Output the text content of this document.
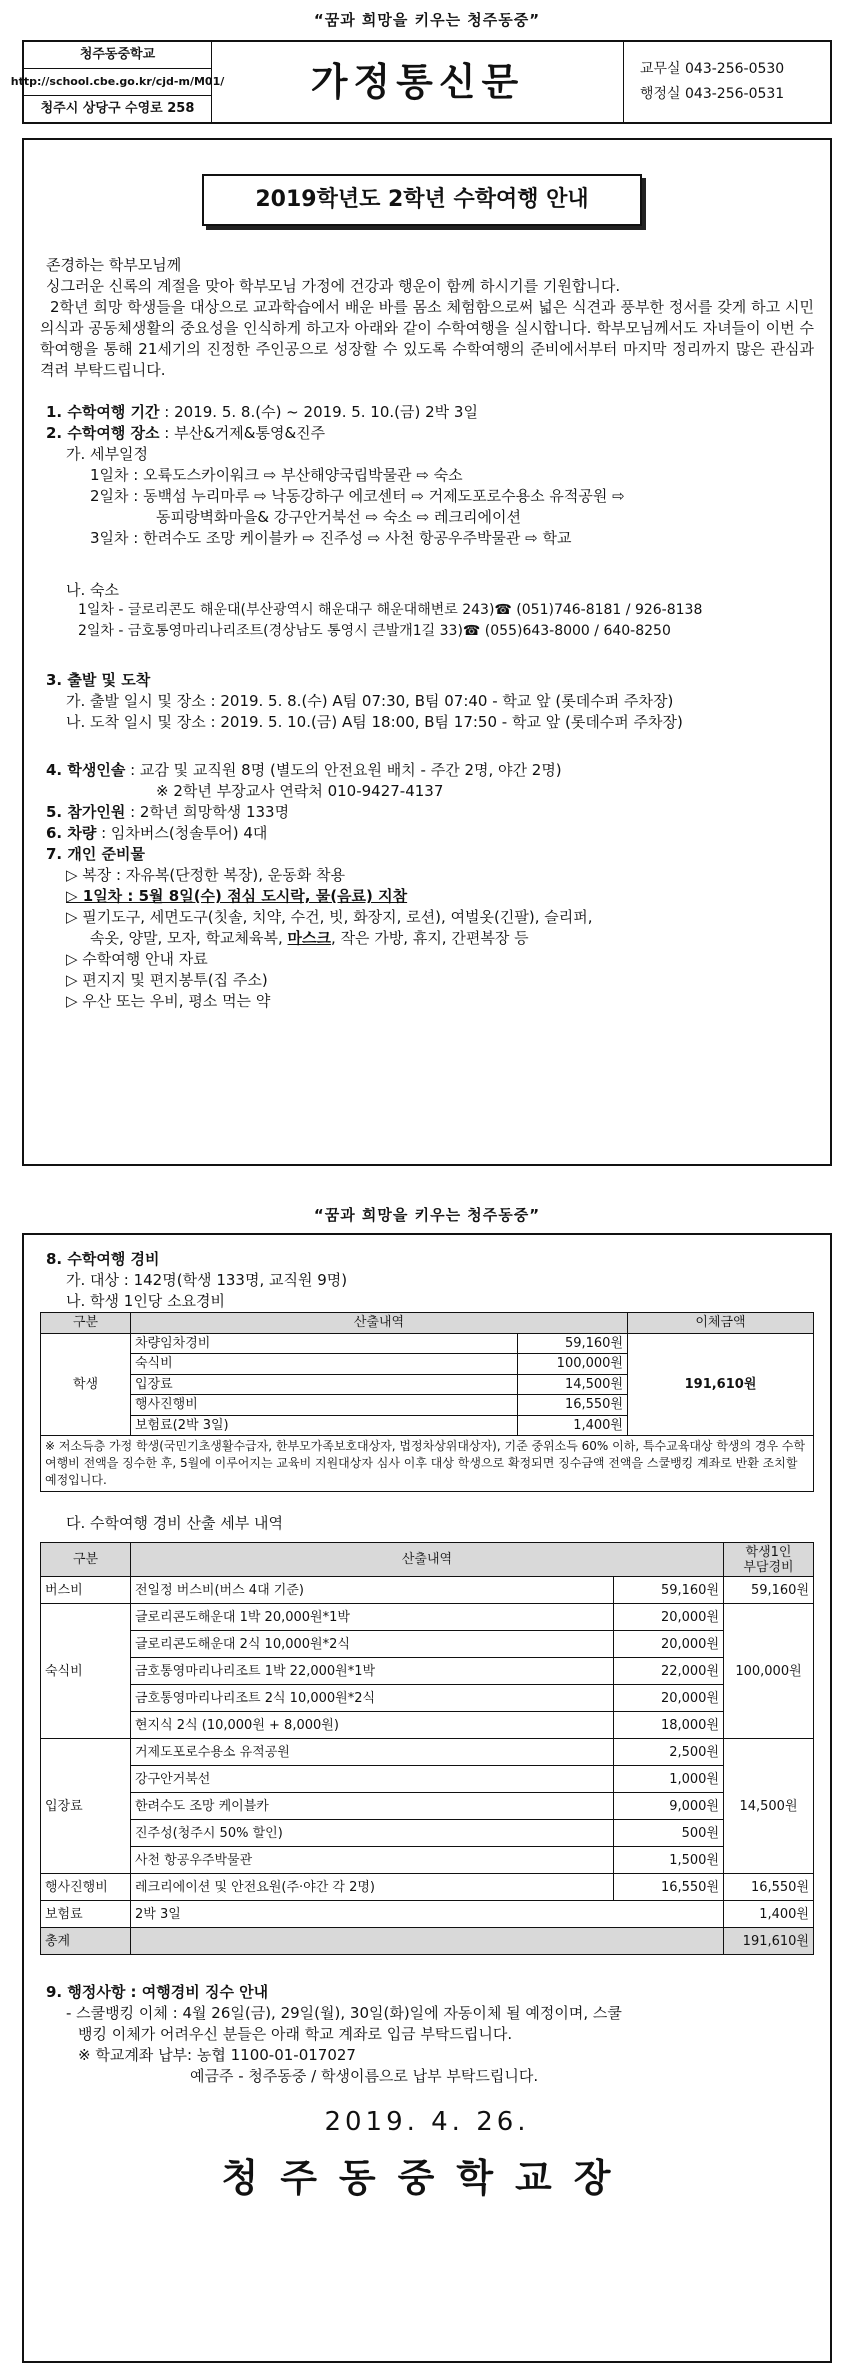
“꿈과 희망을 키우는 청주동중”
청주동중학교
http://school.cbe.go.kr/cjd-m/M01/
청주시 상당구 수영로 258
가정통신문	교무실 043-256-0530
행정실 043-256-0531
2019학년도 2학년 수학여행 안내
존경하는 학부모님께
싱그러운 신록의 계절을 맞아 학부모님 가정에 건강과 행운이 함께 하시기를 기원합니다.
2학년 희망 학생들을 대상으로 교과학습에서 배운 바를 몸소 체험함으로써 넓은 식견과 풍부한 정서를 갖게 하고 시민의식과 공동체생활의 중요성을 인식하게 하고자 아래와 같이 수학여행을 실시합니다. 학부모님께서도 자녀들이 이번 수학여행을 통해 21세기의 진정한 주인공으로 성장할 수 있도록 수학여행의 준비에서부터 마지막 정리까지 많은 관심과 격려 부탁드립니다.
1. 수학여행 기간 : 2019. 5. 8.(수) ~ 2019. 5. 10.(금) 2박 3일
2. 수학여행 장소 : 부산&거제&통영&진주
가. 세부일정
1일차 : 오륙도스카이워크 ⇨ 부산해양국립박물관 ⇨ 숙소
2일차 : 동백섬 누리마루 ⇨ 낙동강하구 에코센터 ⇨ 거제도포로수용소 유적공원 ⇨
동피랑벽화마을& 강구안거북선 ⇨ 숙소 ⇨ 레크리에이션
3일차 : 한려수도 조망 케이블카 ⇨ 진주성 ⇨ 사천 항공우주박물관 ⇨ 학교
나. 숙소
1일차 - 글로리콘도 해운대(부산광역시 해운대구 해운대해변로 243)☎ (051)746-8181 / 926-8138
2일차 - 금호통영마리나리조트(경상남도 통영시 큰발개1길 33)☎ (055)643-8000 / 640-8250
3. 출발 및 도착
가. 출발 일시 및 장소 : 2019. 5. 8.(수) A팀 07:30, B팀 07:40 - 학교 앞 (롯데수퍼 주차장)
나. 도착 일시 및 장소 : 2019. 5. 10.(금) A팀 18:00, B팀 17:50 - 학교 앞 (롯데수퍼 주차장)
4. 학생인솔 : 교감 및 교직원 8명 (별도의 안전요원 배치 - 주간 2명, 야간 2명)
※ 2학년 부장교사 연락처 010-9427-4137
5. 참가인원 : 2학년 희망학생 133명
6. 차량 : 임차버스(청솔투어) 4대
7. 개인 준비물
▷ 복장 : 자유복(단정한 복장), 운동화 착용
▷ 1일차 : 5월 8일(수) 점심 도시락, 물(음료) 지참
▷ 필기도구, 세면도구(칫솔, 치약, 수건, 빗, 화장지, 로션), 여벌옷(긴팔), 슬리퍼,
속옷, 양말, 모자, 학교체육복, 마스크, 작은 가방, 휴지, 간편복장 등
▷ 수학여행 안내 자료
▷ 편지지 및 편지봉투(집 주소)
▷ 우산 또는 우비, 평소 먹는 약
“꿈과 희망을 키우는 청주동중”
8. 수학여행 경비
가. 대상 : 142명(학생 133명, 교직원 9명)
나. 학생 1인당 소요경비
구분	산출내역		이체금액
학생	차량임차경비	59,160원	191,610원
	숙식비	100,000원	
	입장료	14,500원	
	행사진행비	16,550원	
	보험료(2박 3일)	1,400원	
※ 저소득층 가정 학생(국민기초생활수급자, 한부모가족보호대상자, 법정차상위대상자), 기준 중위소득 60% 이하, 특수교육대상 학생의 경우 수학여행비 전액을 징수한 후, 5월에 이루어지는 교육비 지원대상자 심사 이후 대상 학생으로 확정되면 징수금액 전액을 스쿨뱅킹 계좌로 반환 조치할 예정입니다.
다. 수학여행 경비 산출 세부 내역
구분	산출내역		학생1인
부담경비
버스비	전일정 버스비(버스 4대 기준)	59,160원	59,160원
숙식비	글로리콘도해운대 1박 20,000원*1박	20,000원	100,000원
	글로리콘도해운대 2식 10,000원*2식	20,000원	
	금호통영마리나리조트 1박 22,000원*1박	22,000원	
	금호통영마리나리조트 2식 10,000원*2식	20,000원	
	현지식 2식 (10,000원 + 8,000원)	18,000원	
입장료	거제도포로수용소 유적공원	2,500원	14,500원
	강구안거북선	1,000원	
	한려수도 조망 케이블카	9,000원	
	진주성(청주시 50% 할인)	500원	
	사천 항공우주박물관	1,500원	
행사진행비	레크리에이션 및 안전요원(주·야간 각 2명)	16,550원	16,550원
보험료	2박 3일		1,400원
총계			191,610원
9. 행정사항 : 여행경비 징수 안내
- 스쿨뱅킹 이체 : 4월 26일(금), 29일(월), 30일(화)일에 자동이체 될 예정이며, 스쿨
뱅킹 이체가 어려우신 분들은 아래 학교 계좌로 입금 부탁드립니다.
※ 학교계좌 납부: 농협 1100-01-017027
예금주 - 청주동중 / 학생이름으로 납부 부탁드립니다.
2019. 4. 26.
청주동중학교장
